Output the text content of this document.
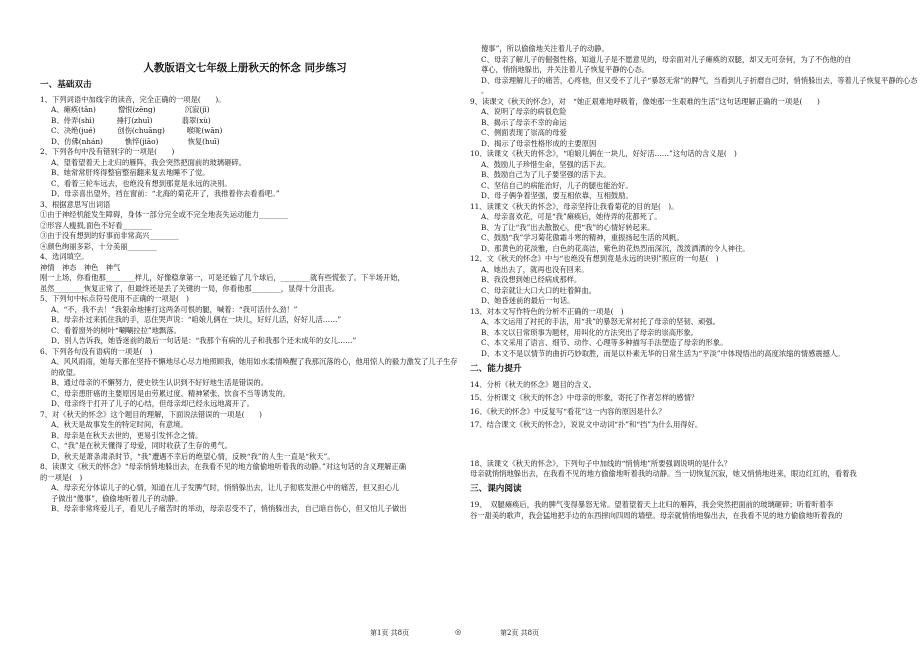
人教版语文七年级上册秋天的怀念 同步练习
一、基础双击
1、下列词语中加线字的读音，完全正确的一项是(　　)。
A、瘫痪(tān)　　　憎恨(zēng)　　　　沉寂(jì)
B、侍弄(shì)　　　捶打(zhuī)　　　　翡翠(xù)
C、决绝(jué)　　　创伤(chuāng)　　　喉咙(wān)
D、仿佛(nhán)　　　憔悴(jiāo)　　　　恢复(huī)
2、下列各句中没有错别字的一项是(　　)
A、望着望着天上北归的雁阵，我会突然把面前的玻璃砸碎。
B、她常常肝疼得整宿整宿翻来复去地睡不了觉。
C、看着三轮车远去，也绝没有想到那竟是永远的决别。
D、母亲喜出望外，裆在窗前：“北海的菊花开了，我推着你去看看吧。”
3、根据意思写出词语
①由于神经机能发生障碍，身体一部分完全或不完全地丧失运动能力________
②形容人瘦损,面色不好看________
③由于没有想到的好事而非常高兴________
④颜色绚丽多彩，十分美丽________
4、选词填空。
神情　神态　神色　神气
刚一上场，你看他那________样儿，好像稳拿第一，可是还输了几个球后，________就有些慌张了。下半场开始，
虽然________恢复正常了，但最终还是丢了关键的一局，你看他那________，显得十分沮丧。
5、下列句中标点符号使用不正确的一项是(　)
A、“不，我不去！”我狠命地捶打这两条可恨的腿，喊着：“我可活什么劲！”
B、母亲扑过来抓住我的手，忍住哭声说：“咱娘儿俩在一块儿，好好儿活，好好儿活……”
C、看着窗外的树叶“唰唰拉拉”地飘落。
D、别人告诉我，她昏迷前的最后一句话是：“我那个有病的儿子和我那个还未成年的女儿……”
6、下列各句没有语病的一项是(　)
A、风风雨雨，她每天都在坚持不懈地尽心尽力地照顾我，她用如水柔情唤醒了我那沉落的心，他用惊人的毅力激发了儿子生存
的欲望。
B、通过母亲的不懈努力，使史铁生认识到不好好地生活是错误的。
C、母亲患肝癌的主要原因是由劳累过度、精神紧张、饮食不当等诱发的。
D、母亲终于打开了儿子的心结，但母亲却已经永远地离开了。
7、对《秋天的怀念》这个题目的理解，下面说法错误的一项是(　　)
A、秋天是故事发生的特定时间，有意境。
B、母亲是在秋天去世的，更易引发怀念之情。
C、“我”是在秋天懂得了母爱，同时收获了生存的勇气。
D、秋天是萧条肃杀时节，“我”遭遇不幸后的绝望心情，反映“我”的人生一直是“秋天”。
8、读课文《秋天的怀念》“母亲悄悄地躲出去，在我看不见的地方偷偷地听着我的动静。”对这句话的含义理解正确
的一项是(　)
A、母亲充分体谅儿子的心情，知道在儿子发脾气时，悄悄躲出去，让儿子彻底发泄心中的痛苦，但又担心儿
子做出“傻事”，偷偷地听着儿子的动静。
B、母亲非常疼爱儿子，看见儿子痛苦时的举动，母亲忍受不了，悄悄躲出去，自己暗自伤心，但又怕儿子做出
傻事”，所以偷偷地关注着儿子的动静。
C、母亲了解儿子的倔强性格，知道儿子是不愿意见的，母亲面对儿子瘫痪的双腿，却又无可奈何，为了不伤他的自
尊心，悄悄地躲出，并关注着儿子恢复平静的心态。
D、母亲理解儿子的痛苦，心疼他，但又受不了儿子“暴怒无常”的脾气，当看到儿子折磨自己时，悄悄躲出去，等着儿子恢复平静的心态
。
9、读课文《秋天的怀念》，对　“她正艰难地呼吸着，像她那一生艰难的生活”这句话理解正确的一项是(　　)
A、说明了母亲的病很危险
B、揭示了母亲不幸的命运
C、侧面表现了崇高的母爱
D、揭示了母亲性格形成的主要原因
10、读课文《秋天的怀念》，“咱娘儿俩在一块儿，好好活……”这句话的含义是(　)
A、鼓励儿子珍惜生命，坚强的活下去。
B、鼓励自己为了儿子要坚强的活下去。
C、坚信自己的病能治好，儿子的腿也能治好。
D、母子俩争着坚强，要互相依靠，互相鼓励。
11、读课文《秋天的怀念》，母亲坚持让我看菊花的目的是(　)。
A、母亲喜欢花，可是“我”瘫痪后，她侍弄的花都死了。
B、为了让“我”出去散散心，使“我”的心情好转起来。
C、鼓励“我”学习菊花傲霜斗寒的精神，重振扬起生活的风帆。
D、那黄色的花淡雅，白色的花高洁，紫色的花热烈而深沉，泼泼洒洒的令人神往。
12、文《秋天的怀念》中与“也绝没有想到竟是永远的诀别”照应的一句是(　)
A、她出去了，就再也没有回来。
B、我没想到她已经病成那样。
C、母亲就让大口大口的吐着鲜血。
D、她昏迷前的最后一句话。
13、对本文写作特色的分析不正确的一项是(　)
A、本文运用了衬托的手法，用“我”的暴怒无常衬托了母亲的坚韧、顽强。
B、本文以日常琐事为题材，用叫化的方法突出了母亲的崇高形象。
C、本文采用了语言、细节、动作、心理等多种描写手法塑造了母亲的形象。
D、本文不是以情节的曲折巧妙取胜，而是以朴素无华的日常生活为“平淡”中体现悟出的高度浓缩的情感震撼人。
二、能力提升
14、分析《秋天的怀念》题目的含义。
15、分析课文《秋天的怀念》中母亲的形象，寄托了作者怎样的感情？
16、《秋天的怀念》中反复写“看花”这一内容的原因是什么？
17、结合课文《秋天的怀念》，说说文中动词“扑”和“挡”为什么用得好。
18、读课文《秋天的怀念》，下列句子中加线的“悄悄地”所要强调说明的是什么？
母亲就悄悄地躲出去，在我看不见的地方偷偷地听着我的动静。当一切恢复沉寂，她又悄悄地进来，眼边红红的，看着我
三、课内阅读
19、　双腿瘫痪后，我的脾气变得暴怒无常。望着望着天上北归的雁阵，我会突然把面前的玻璃砸碎；听着听着李
谷一甜美的歌声，我会猛地把手边的东西摔向四周的墙壁。母亲就悄悄地躲出去，在我看不见的地方偷偷地听着我的
第1页 共8页	◎	第2页 共8页
